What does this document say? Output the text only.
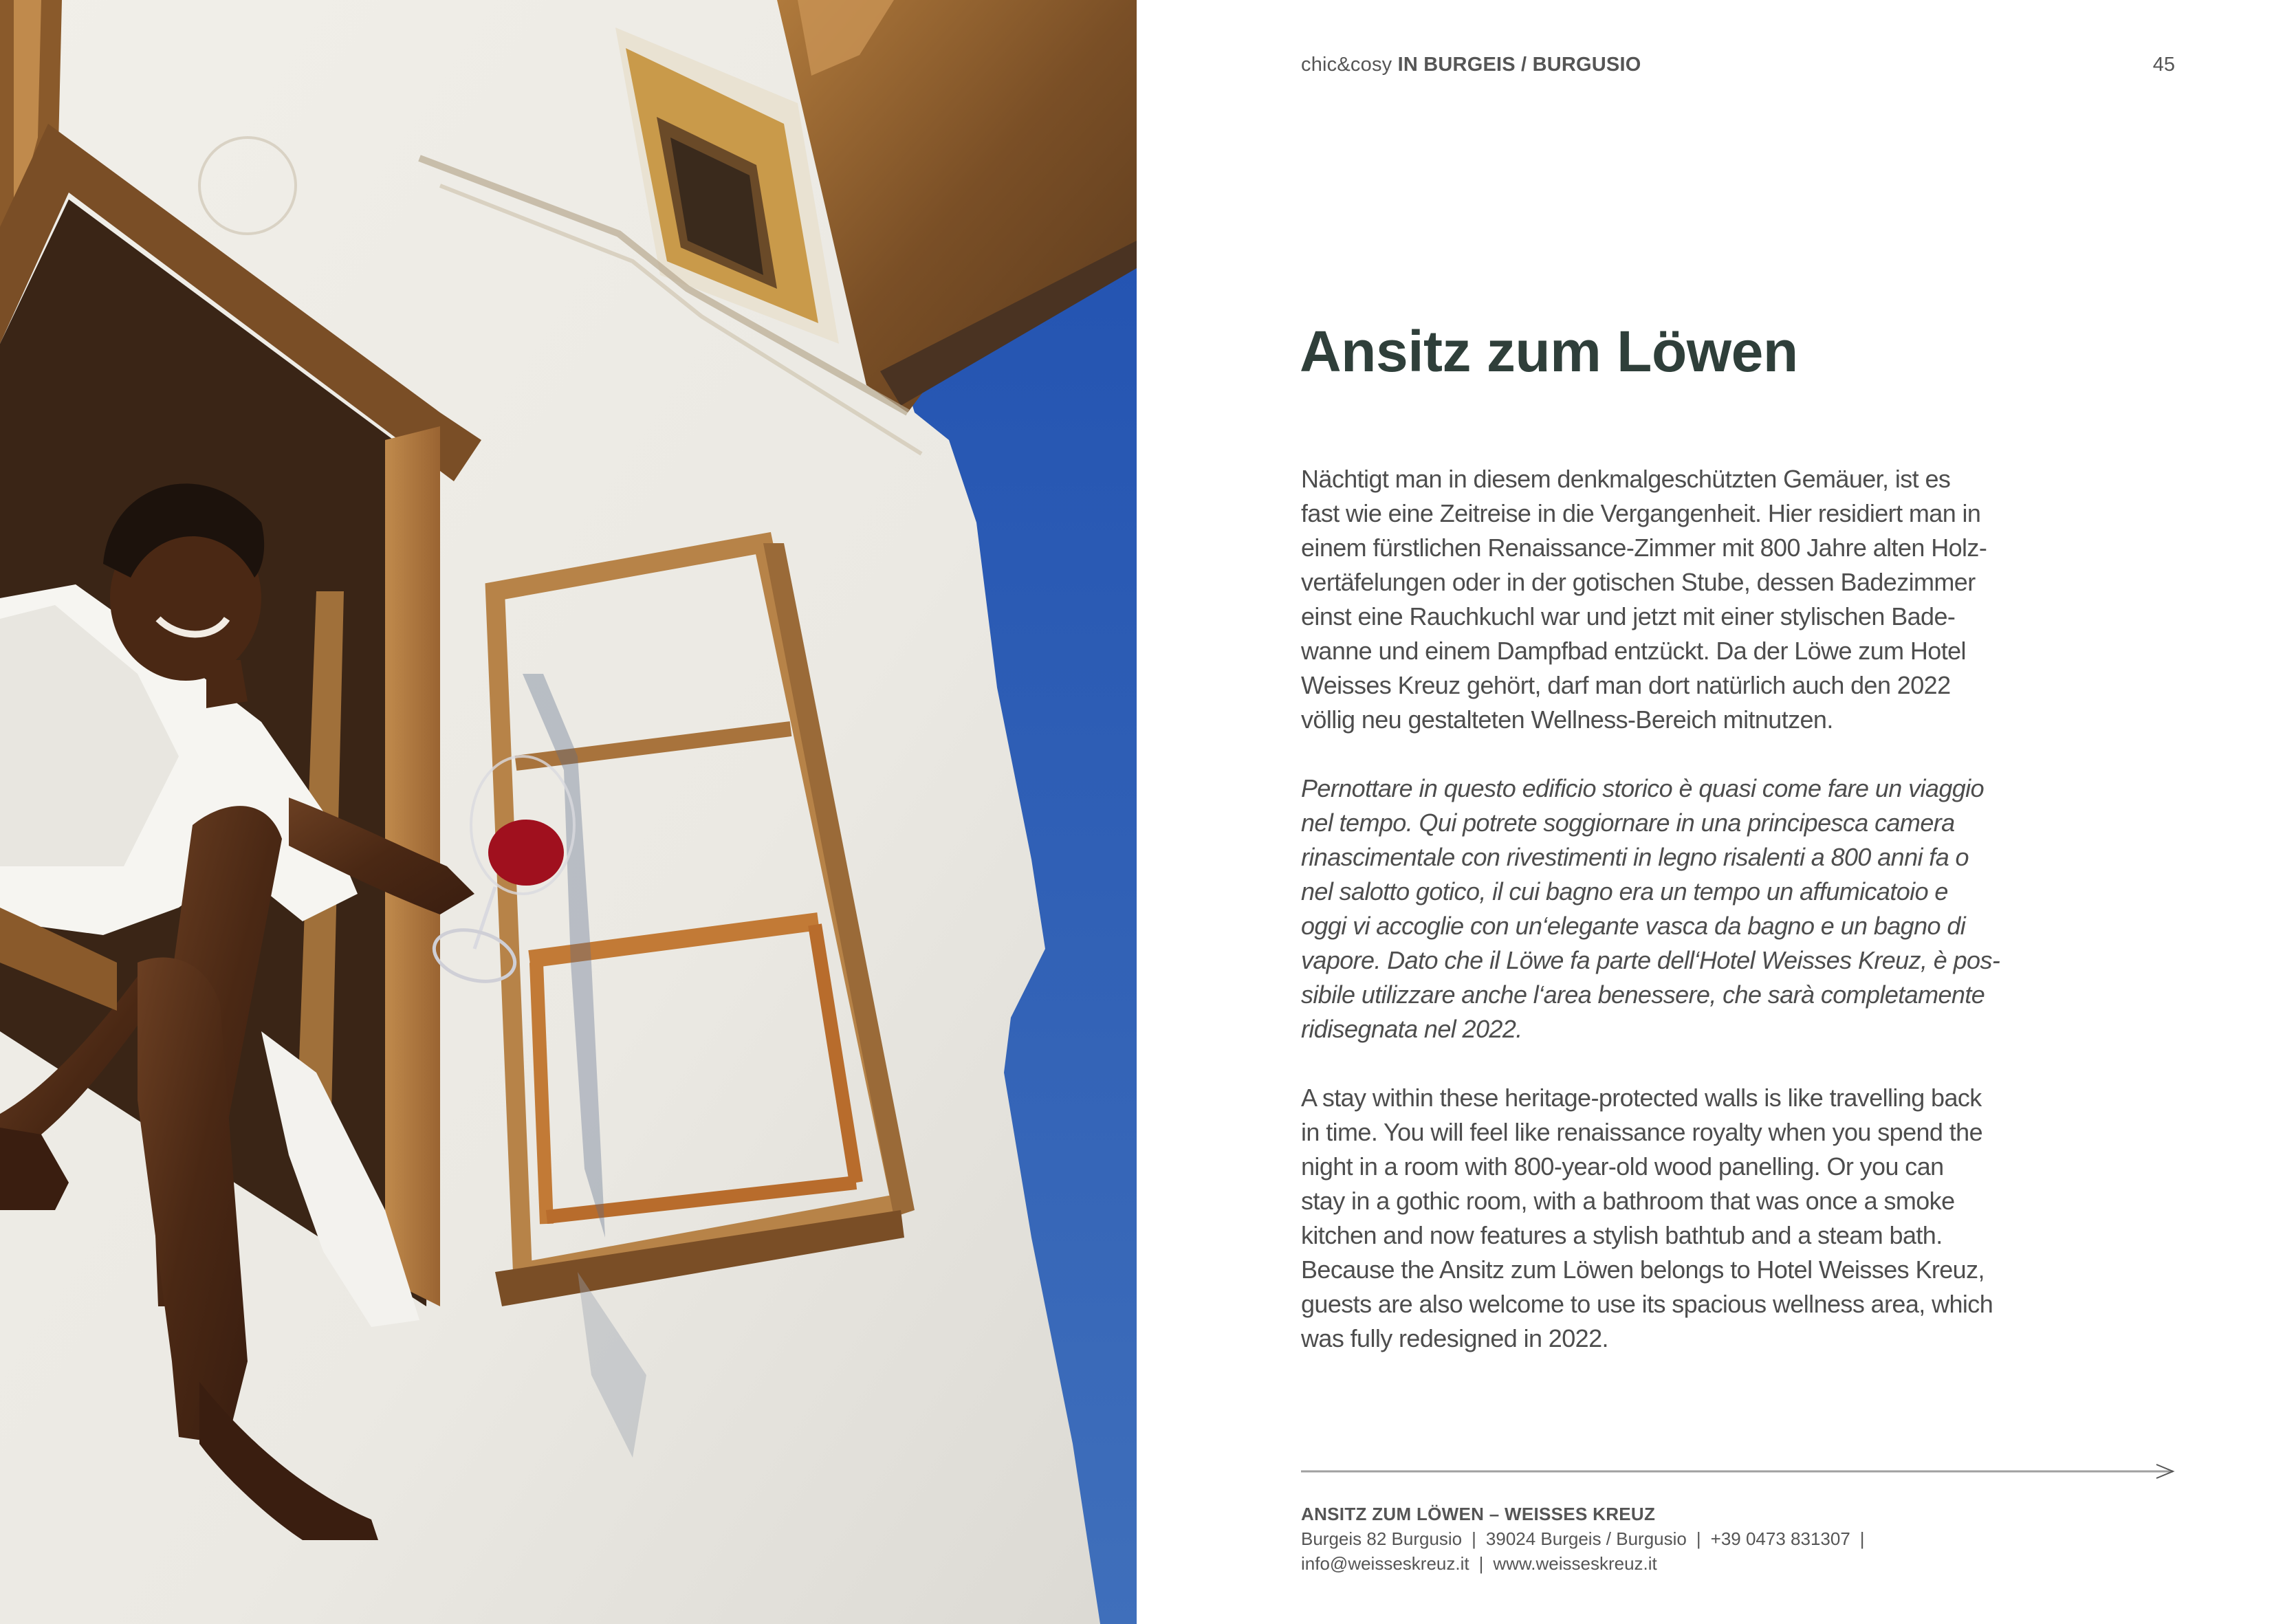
chic&cosy IN BURGEIS / BURGUSIO	45
Ansitz zum Löwen

Nächtigt man in diesem denkmalgeschützten Gemäuer, ist es
fast wie eine Zeitreise in die Vergangenheit. Hier residiert man in
einem fürstlichen Renaissance-Zimmer mit 800 Jahre alten Holz-
vertäfelungen oder in der gotischen Stube, dessen Badezimmer
einst eine Rauchkuchl war und jetzt mit einer stylischen Bade-
wanne und einem Dampfbad entzückt. Da der Löwe zum Hotel
Weisses Kreuz gehört, darf man dort natürlich auch den 2022
völlig neu gestalteten Wellness-Bereich mitnutzen.

Pernottare in questo edificio storico è quasi come fare un viaggio
nel tempo. Qui potrete soggiornare in una principesca camera
rinascimentale con rivestimenti in legno risalenti a 800 anni fa o
nel salotto gotico, il cui bagno era un tempo un affumicatoio e
oggi vi accoglie con un‘elegante vasca da bagno e un bagno di
vapore. Dato che il Löwe fa parte dell‘Hotel Weisses Kreuz, è pos-
sibile utilizzare anche l‘area benessere, che sarà completamente
ridisegnata nel 2022.

A stay within these heritage-protected walls is like travelling back
in time. You will feel like renaissance royalty when you spend the
night in a room with 800-year-old wood panelling. Or you can
stay in a gothic room, with a bathroom that was once a smoke
kitchen and now features a stylish bathtub and a steam bath.
Because the Ansitz zum Löwen belongs to Hotel Weisses Kreuz,
guests are also welcome to use its spacious wellness area, which
was fully redesigned in 2022.

ANSITZ ZUM LÖWEN – WEISSES KREUZ
Burgeis 82 Burgusio | 39024 Burgeis / Burgusio | +39 0473 831307 |
info@weisseskreuz.it | www.weisseskreuz.it
